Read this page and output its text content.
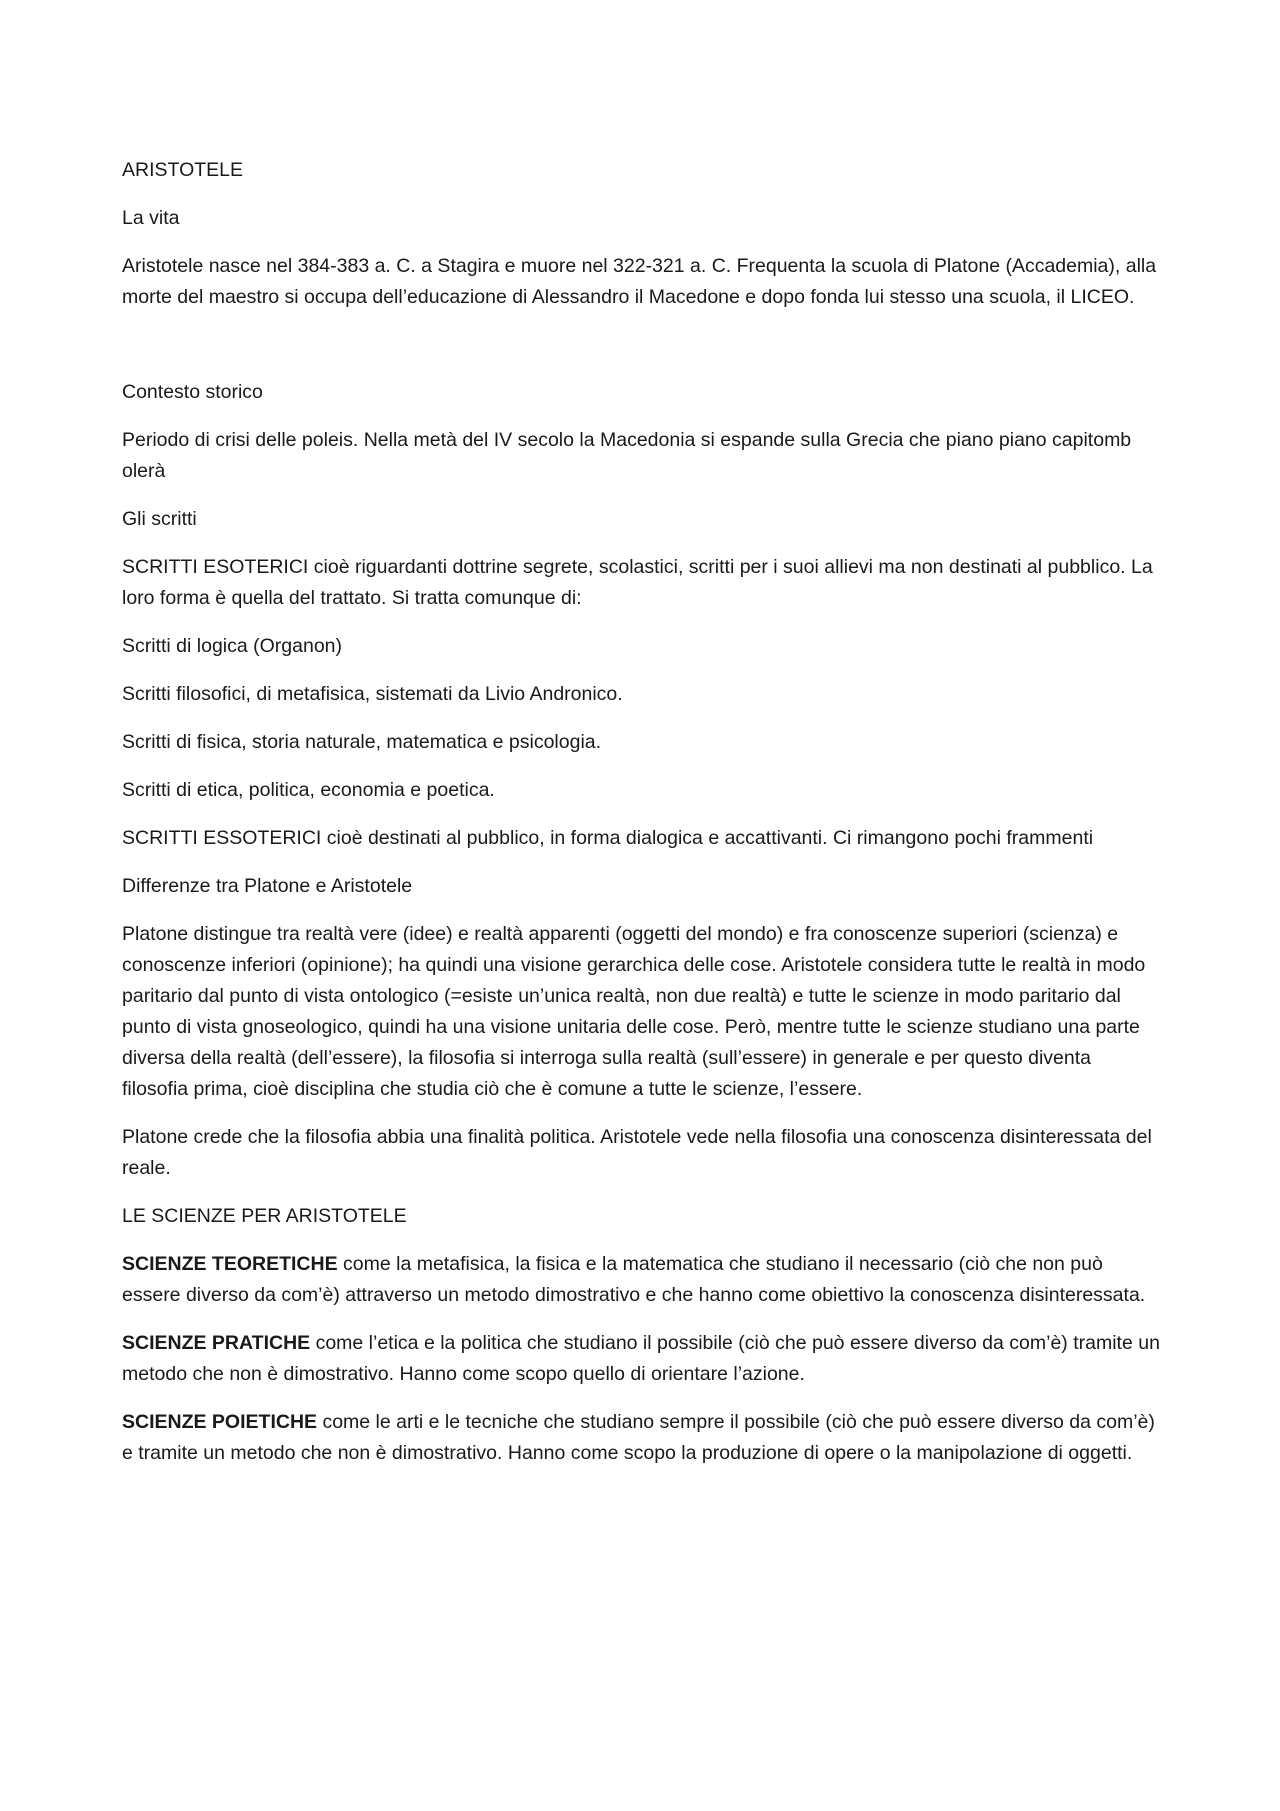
ARISTOTELE

La vita

Aristotele nasce nel 384-383 a. C. a Stagira e muore nel 322-321 a. C. Frequenta la scuola di Platone (Accademia), alla morte del maestro si occupa dell’educazione di Alessandro il Macedone e dopo fonda lui stesso una scuola, il LICEO.

Contesto storico

Periodo di crisi delle poleis. Nella metà del IV secolo la Macedonia si espande sulla Grecia che piano piano capitomb​olerà

Gli scritti

SCRITTI ESOTERICI cioè riguardanti dottrine segrete, scolastici, scritti per i suoi allievi ma non destinati al pubblico. La loro forma è quella del trattato. Si tratta comunque di:

Scritti di logica (Organon)

Scritti filosofici, di metafisica, sistemati da Livio Andronico.

Scritti di fisica, storia naturale, matematica e psicologia.

Scritti di etica, politica, economia e poetica.

SCRITTI ESSOTERICI cioè destinati al pubblico, in forma dialogica e accattivanti. Ci rimangono pochi frammenti

Differenze tra Platone e Aristotele

Platone distingue tra realtà vere (idee) e realtà apparenti (oggetti del mondo) e fra conoscenze superiori (scienza) e conoscenze inferiori (opinione); ha quindi una visione gerarchica delle cose. Aristotele considera tutte le realtà in modo paritario dal punto di vista ontologico (=esiste un’unica realtà, non due realtà) e tutte le scienze in modo paritario dal punto di vista gnoseologico, quindi ha una visione unitaria delle cose. Però, mentre tutte le scienze studiano una parte diversa della realtà (dell’essere), la filosofia si interroga sulla realtà (sull’essere) in generale e per questo diventa filosofia prima, cioè disciplina che studia ciò che è comune a tutte le scienze, l’essere.

Platone crede che la filosofia abbia una finalità politica. Aristotele vede nella filosofia una conoscenza disinteressata del reale.

LE SCIENZE PER ARISTOTELE

SCIENZE TEORETICHE come la metafisica, la fisica e la matematica che studiano il necessario (ciò che non può essere diverso da com’è) attraverso un metodo dimostrativo e che hanno come obiettivo la conoscenza disinteressata.

SCIENZE PRATICHE come l’etica e la politica che studiano il possibile (ciò che può essere diverso da com’è) tramite un metodo che non è dimostrativo. Hanno come scopo quello di orientare l’azione.

SCIENZE POIETICHE come le arti e le tecniche che studiano sempre il possibile (ciò che può essere diverso da com’è) e tramite un metodo che non è dimostrativo. Hanno come scopo la produzione di opere o la manipolazione di oggetti.
